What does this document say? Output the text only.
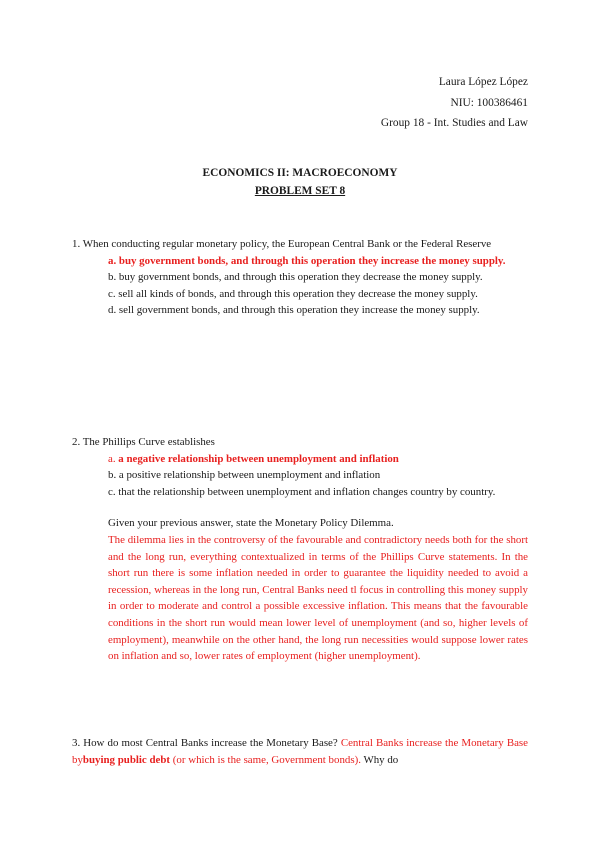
Laura López López
NIU: 100386461
Group 18 - Int. Studies and Law
ECONOMICS II: MACROECONOMY
PROBLEM SET 8

1. When conducting regular monetary policy, the European Central Bank or the Federal Reserve

a. buy government bonds, and through this operation they increase the money supply.

b. buy government bonds, and through this operation they decrease the money supply.

c. sell all kinds of bonds, and through this operation they decrease the money supply.

d. sell government bonds, and through this operation they increase the money supply.

2. The Phillips Curve establishes

a. a negative relationship between unemployment and inflation

b. a positive relationship between unemployment and inflation

c. that the relationship between unemployment and inflation changes country by country.

Given your previous answer, state the Monetary Policy Dilemma.

The dilemma lies in the controversy of the favourable and contradictory needs both for the short and the long run, everything contextualized in terms of the Phillips Curve statements. In the short run there is some inflation needed in order to guarantee the liquidity needed to avoid a recession, whereas in the long run, Central Banks need tl focus in controlling this money supply in order to moderate and control a possible excessive inflation. This means that the favourable conditions in the short run would mean lower level of unemployment (and so, higher levels of employment), meanwhile on the other hand, the long run necessities would suppose lower rates on inflation and so, lower rates of employment (higher unemployment).

3. How do most Central Banks increase the Monetary Base? Central Banks increase the Monetary Base bybuying public debt (or which is the same, Government bonds). Why do
